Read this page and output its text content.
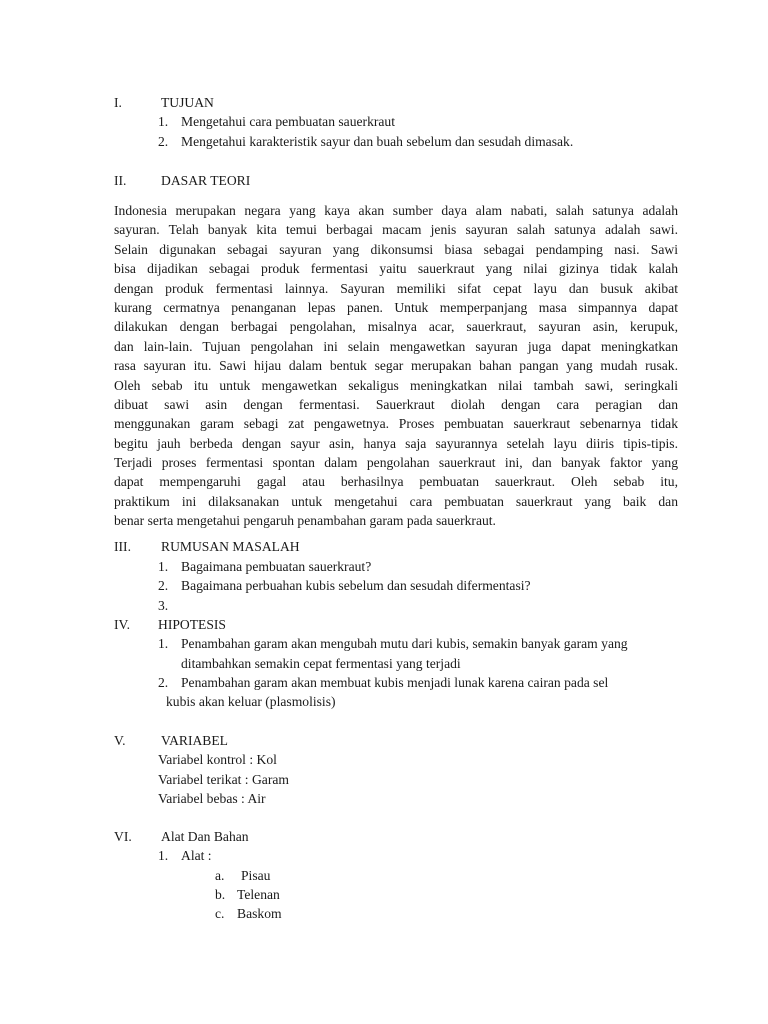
I.	TUJUAN
1. Mengetahui cara pembuatan sauerkraut
2. Mengetahui karakteristik sayur dan buah sebelum dan sesudah dimasak.
II.	DASAR TEORI
Indonesia merupakan negara yang kaya akan sumber daya alam nabati, salah satunya adalah
sayuran. Telah banyak kita temui berbagai macam jenis sayuran salah satunya adalah sawi.
Selain digunakan sebagai sayuran yang dikonsumsi biasa sebagai pendamping nasi. Sawi
bisa dijadikan sebagai produk fermentasi yaitu sauerkraut yang nilai gizinya tidak kalah
dengan produk fermentasi lainnya. Sayuran memiliki sifat cepat layu dan busuk akibat
kurang cermatnya penanganan lepas panen. Untuk memperpanjang masa simpannya dapat
dilakukan dengan berbagai pengolahan, misalnya acar, sauerkraut, sayuran asin, kerupuk,
dan lain-lain. Tujuan pengolahan ini selain mengawetkan sayuran juga dapat meningkatkan
rasa sayuran itu. Sawi hijau dalam bentuk segar merupakan bahan pangan yang mudah rusak.
Oleh sebab itu untuk mengawetkan sekaligus meningkatkan nilai tambah sawi, seringkali
dibuat sawi asin dengan fermentasi. Sauerkraut diolah dengan cara peragian dan
menggunakan garam sebagi zat pengawetnya. Proses pembuatan sauerkraut sebenarnya tidak
begitu jauh berbeda dengan sayur asin, hanya saja sayurannya setelah layu diiris tipis-tipis.
Terjadi proses fermentasi spontan dalam pengolahan sauerkraut ini, dan banyak faktor yang
dapat mempengaruhi gagal atau berhasilnya pembuatan sauerkraut. Oleh sebab itu,
praktikum ini dilaksanakan untuk mengetahui cara pembuatan sauerkraut yang baik dan
benar serta mengetahui pengaruh penambahan garam pada sauerkraut.
III. RUMUSAN MASALAH
1. Bagaimana pembuatan sauerkraut?
2. Bagaimana perbuahan kubis sebelum dan sesudah difermentasi?
3.
IV. HIPOTESIS
1. Penambahan garam akan mengubah mutu dari kubis, semakin banyak garam yang
ditambahkan semakin cepat fermentasi yang terjadi
2. Penambahan garam akan membuat kubis menjadi lunak karena cairan pada sel
kubis akan keluar (plasmolisis)
V.	VARIABEL
Variabel kontrol : Kol
Variabel terikat : Garam
Variabel bebas : Air
VI. Alat Dan Bahan
1. Alat :
a. Pisau
b. Telenan
c. Baskom
